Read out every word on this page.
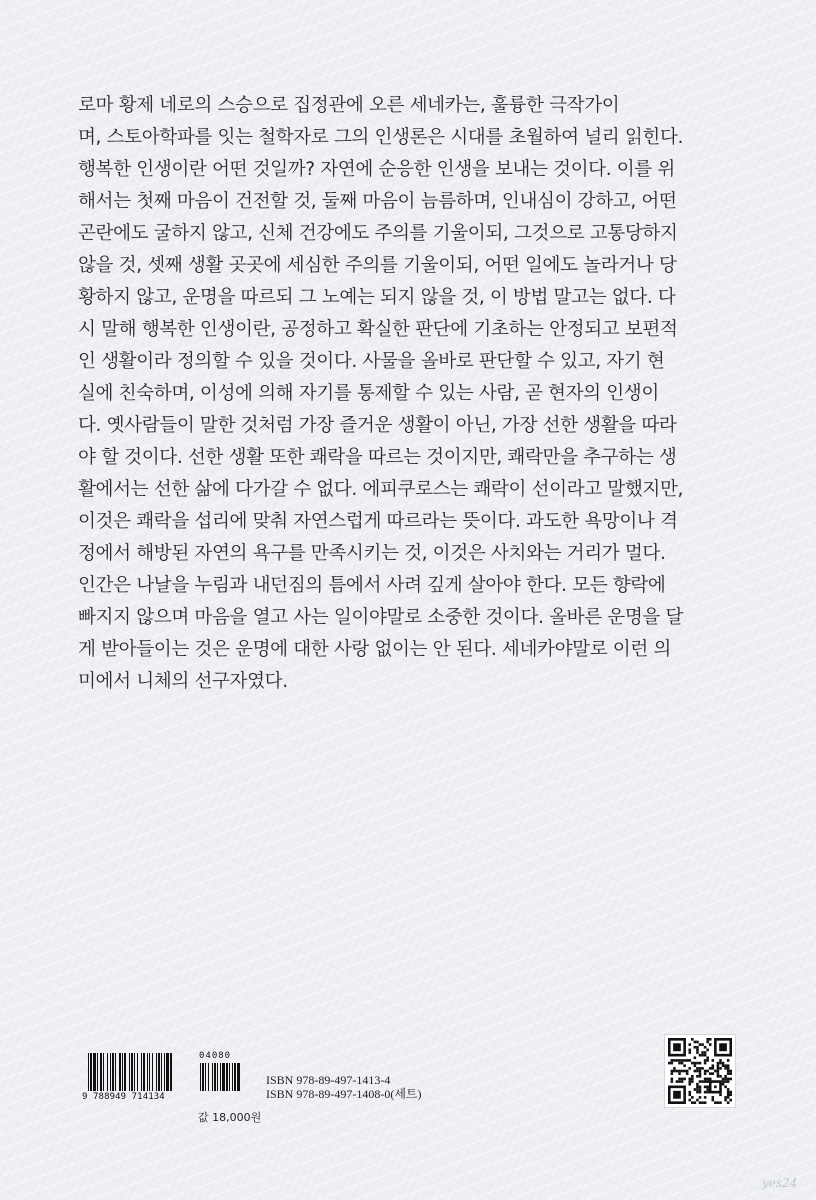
로마 황제 네로의 스승으로 집정관에 오른 세네카는, 훌륭한 극작가이
며, 스토아학파를 잇는 철학자로 그의 인생론은 시대를 초월하여 널리 읽힌다.
행복한 인생이란 어떤 것일까? 자연에 순응한 인생을 보내는 것이다. 이를 위
해서는 첫째 마음이 건전할 것, 둘째 마음이 늠름하며, 인내심이 강하고, 어떤
곤란에도 굴하지 않고, 신체 건강에도 주의를 기울이되, 그것으로 고통당하지
않을 것, 셋째 생활 곳곳에 세심한 주의를 기울이되, 어떤 일에도 놀라거나 당
황하지 않고, 운명을 따르되 그 노예는 되지 않을 것, 이 방법 말고는 없다. 다
시 말해 행복한 인생이란, 공정하고 확실한 판단에 기초하는 안정되고 보편적
인 생활이라 정의할 수 있을 것이다. 사물을 올바로 판단할 수 있고, 자기 현
실에 친숙하며, 이성에 의해 자기를 통제할 수 있는 사람, 곧 현자의 인생이
다. 옛사람들이 말한 것처럼 가장 즐거운 생활이 아닌, 가장 선한 생활을 따라
야 할 것이다. 선한 생활 또한 쾌락을 따르는 것이지만, 쾌락만을 추구하는 생
활에서는 선한 삶에 다가갈 수 없다. 에피쿠로스는 쾌락이 선이라고 말했지만,
이것은 쾌락을 섭리에 맞춰 자연스럽게 따르라는 뜻이다. 과도한 욕망이나 격
정에서 해방된 자연의 욕구를 만족시키는 것, 이것은 사치와는 거리가 멀다.
인간은 나날을 누림과 내던짐의 틈에서 사려 깊게 살아야 한다. 모든 향락에
빠지지 않으며 마음을 열고 사는 일이야말로 소중한 것이다. 올바른 운명을 달
게 받아들이는 것은 운명에 대한 사랑 없이는 안 된다. 세네카야말로 이런 의
미에서 니체의 선구자였다.

04080
9 788949 714134
값 18,000원
ISBN 978-89-497-1413-4
ISBN 978-89-497-1408-0(세트)
yes24
